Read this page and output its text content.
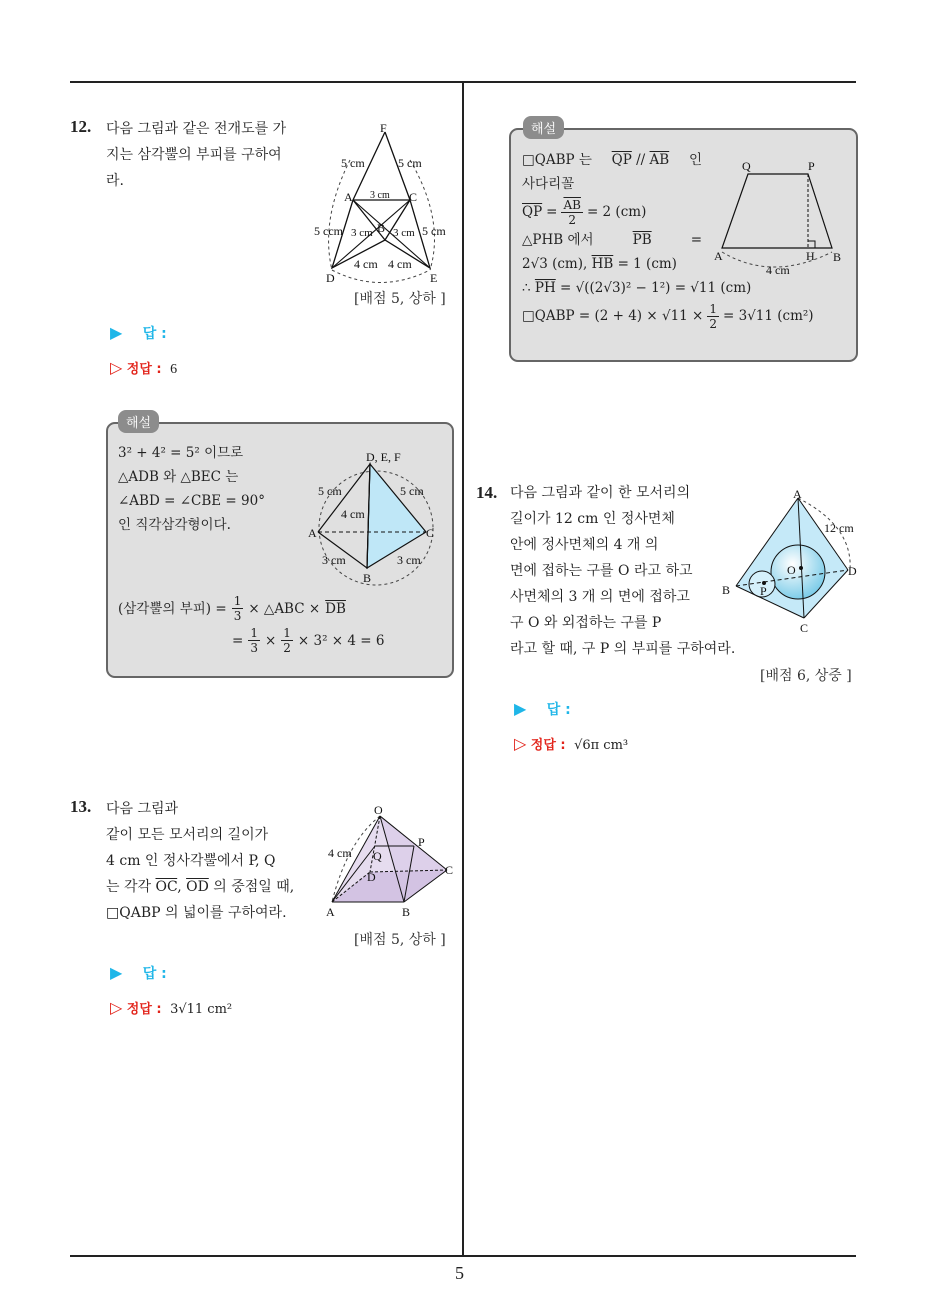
5
12. 다음 그림과 같은 전개도를 가
지는 삼각뿔의 부피를 구하여
라.
F
5 cm	5 cm
A 3 cm C
5 ccm 3 cm B 3 cm 5 cm
4 cm 4 cm
D	E
[배점 5, 상하 ]
▶ 답 :
▷ 정답 : 6
해설
3² + 4² = 5² 이므로
△ADB 와 △BEC 는
∠ABD = ∠CBE = 90°
인 직각삼각형이다.
D, E, F
5 cm	5 cm
4 cm
A	C
3 cm	3 cm
B
(삼각뿔의 부피) = $\frac{1}{3}$ × △ABC × $\overline{DB}$
= $\frac{1}{3} \times \frac{1}{2} \times 3^2 \times 4 = 6$
13. 다음 그림과
같이 모든 모서리의 길이가
4 cm 인 정사각뿔에서 P, Q
는 각각 $\overline{OC}$, $\overline{OD}$ 의 중점일 때,
□QABP 의 넓이를 구하여라.
O
P
4 cm Q
D	C
A	B
[배점 5, 상하 ]
▶ 답 :
▷ 정답 : 3√11 cm²
해설
□QABP 는 $\overline{QP} // \overline{AB}$ 인
사다리꼴
$\overline{QP} = \frac{\overline{AB}}{2} = 2$ (cm)
△PHB 에서	$\overline{PB}$	=
2√3 (cm), $\overline{HB} = 1$ (cm)
∴ $\overline{PH} = √((2√3)^2 - 1^2) = √11$ (cm)
□QABP = $(2 + 4) \times √11 \times \frac{1}{2} = 3√11$ (cm²)
Q	P
A	H B
4 cm
14. 다음 그림과 같이 한 모서리의
길이가 12 cm 인 정사면체
안에 정사면체의 4 개 의
면에 접하는 구를 O 라고 하고
사면체의 3 개 의 면에 접하고
구 O 와 외접하는 구를 P
라고 할 때, 구 P 의 부피를 구하여라.
A
12 cm
O	D
B P
C
[배점 6, 상중 ]
▶ 답 :
▷ 정답 : √6π cm³
